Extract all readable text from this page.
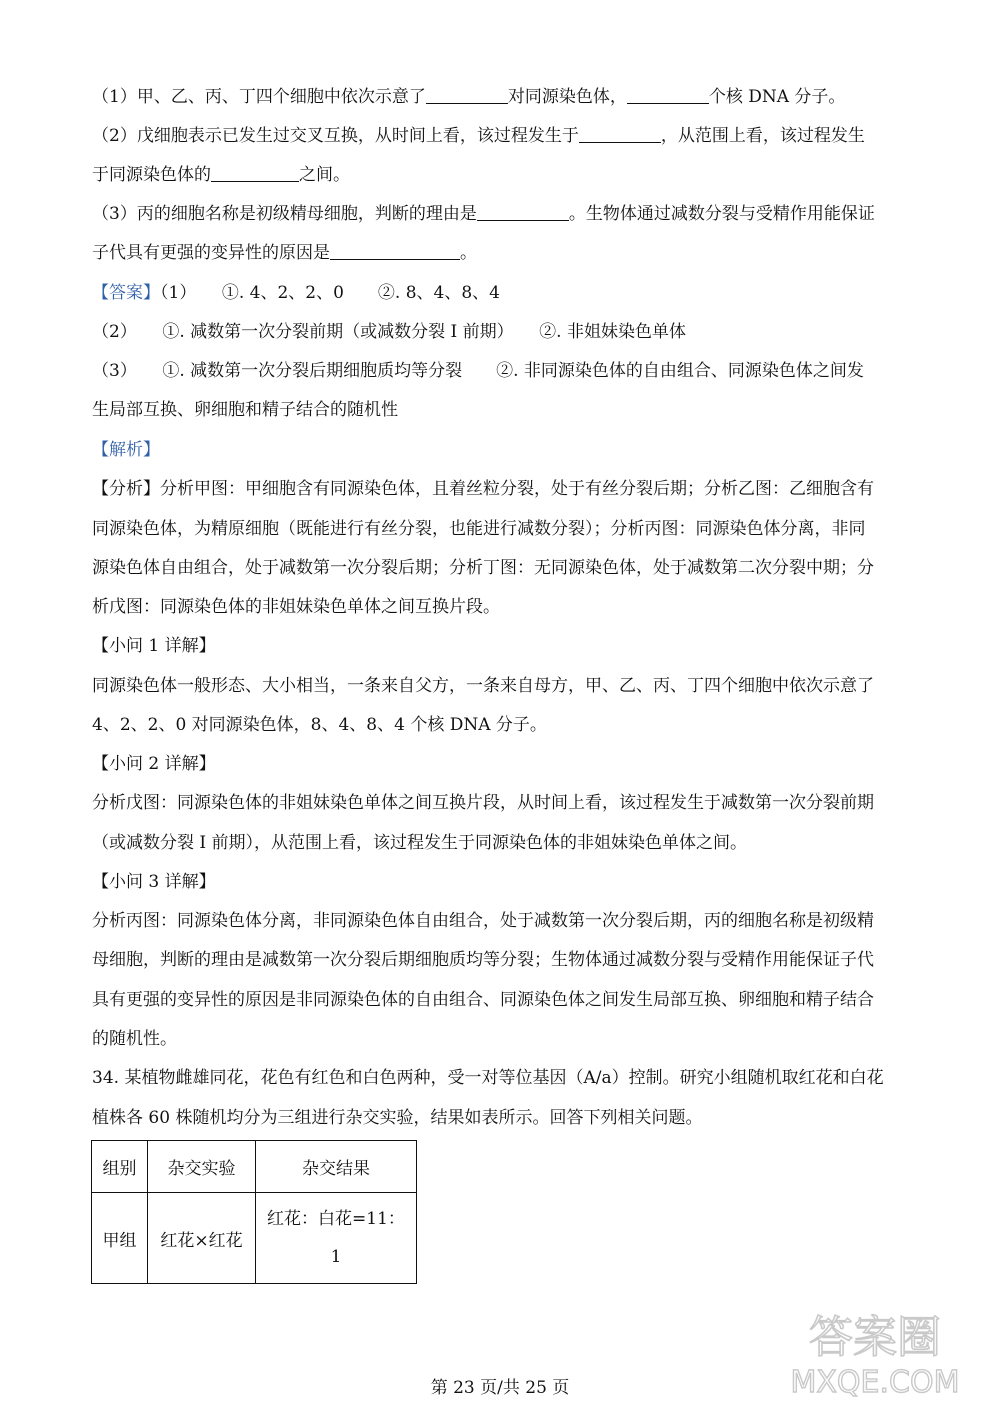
（1）甲、乙、丙、丁四个细胞中依次示意了	对同源染色体，	个核 DNA 分子。
（2）戊细胞表示已发生过交叉互换，从时间上看，该过程发生于	，从范围上看，该过程发生
于同源染色体的	之间。
（3）丙的细胞名称是初级精母细胞，判断的理由是	。生物体通过减数分裂与受精作用能保证
子代具有更强的变异性的原因是	。
【答案】（1）　　①. 4、2、2、0　　②. 8、4、8、4
（2）　　①. 减数第一次分裂前期（或减数分裂 I 前期）　　②. 非姐妹染色单体
（3）　　①. 减数第一次分裂后期细胞质均等分裂　　②. 非同源染色体的自由组合、同源染色体之间发
生局部互换、卵细胞和精子结合的随机性
【解析】
【分析】分析甲图：甲细胞含有同源染色体，且着丝粒分裂，处于有丝分裂后期；分析乙图：乙细胞含有
同源染色体，为精原细胞（既能进行有丝分裂，也能进行减数分裂）；分析丙图：同源染色体分离，非同
源染色体自由组合，处于减数第一次分裂后期；分析丁图：无同源染色体，处于减数第二次分裂中期；分
析戊图：同源染色体的非姐妹染色单体之间互换片段。
【小问 1 详解】
同源染色体一般形态、大小相当，一条来自父方，一条来自母方，甲、乙、丙、丁四个细胞中依次示意了
4、2、2、0 对同源染色体，8、4、8、4 个核 DNA 分子。
【小问 2 详解】
分析戊图：同源染色体的非姐妹染色单体之间互换片段，从时间上看，该过程发生于减数第一次分裂前期
（或减数分裂 I 前期），从范围上看，该过程发生于同源染色体的非姐妹染色单体之间。
【小问 3 详解】
分析丙图：同源染色体分离，非同源染色体自由组合，处于减数第一次分裂后期，丙的细胞名称是初级精
母细胞，判断的理由是减数第一次分裂后期细胞质均等分裂；生物体通过减数分裂与受精作用能保证子代
具有更强的变异性的原因是非同源染色体的自由组合、同源染色体之间发生局部互换、卵细胞和精子结合
的随机性。
34. 某植物雌雄同花，花色有红色和白色两种，受一对等位基因（A/a）控制。研究小组随机取红花和白花
植株各 60 株随机均分为三组进行杂交实验，结果如表所示。回答下列相关问题。
组别	杂交实验	杂交结果
甲组	红花×红花	红花：白花=11：
1
第 23 页/共 25 页
答案圈
MXQE.COM
